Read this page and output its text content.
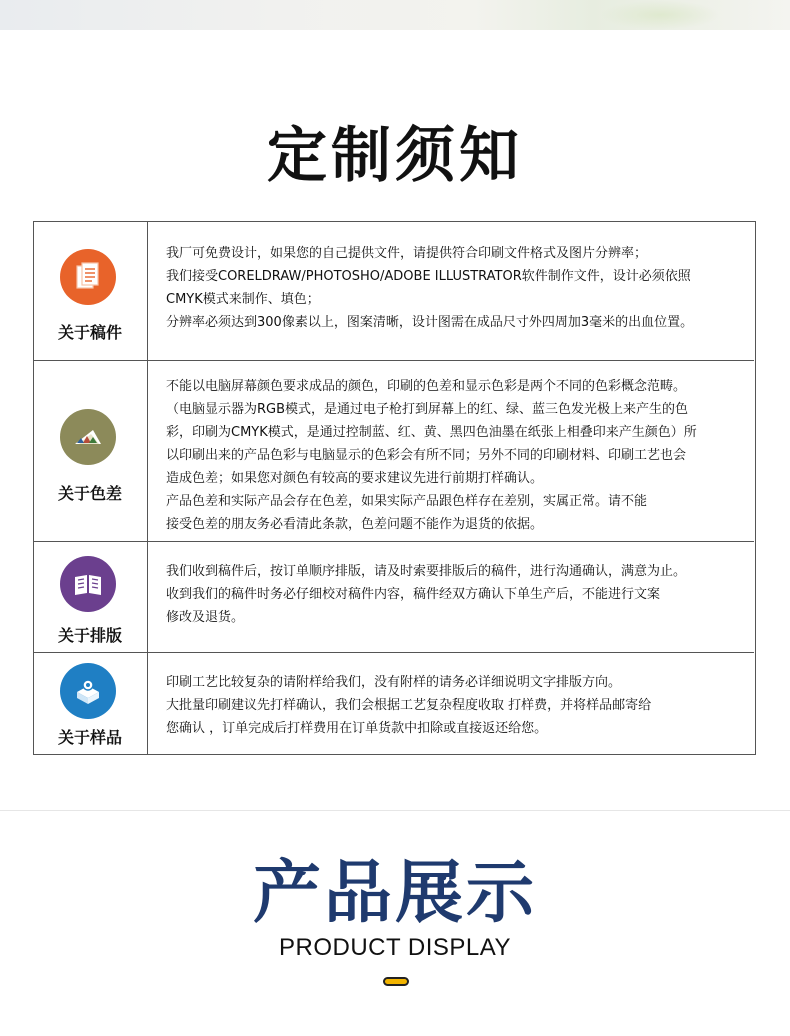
定制须知
关于稿件

我厂可免费设计，如果您的自己提供文件，请提供符合印刷文件格式及图片分辨率；

我们接受CORELDRAW/PHOTOSHO/ADOBE ILLUSTRATOR软件制作文件，设计必须依照

CMYK模式来制作、填色；

分辨率必须达到300像素以上，图案清晰，设计图需在成品尺寸外四周加3毫米的出血位置。

关于色差

不能以电脑屏幕颜色要求成品的颜色，印刷的色差和显示色彩是两个不同的色彩概念范畴。

（电脑显示器为RGB模式，是通过电子枪打到屏幕上的红、绿、蓝三色发光极上来产生的色

彩，印刷为CMYK模式，是通过控制蓝、红、黄、黑四色油墨在纸张上相叠印来产生颜色）所

以印刷出来的产品色彩与电脑显示的色彩会有所不同；另外不同的印刷材料、印刷工艺也会

造成色差；如果您对颜色有较高的要求建议先进行前期打样确认。

产品色差和实际产品会存在色差，如果实际产品跟色样存在差别，实属正常。请不能

接受色差的朋友务必看清此条款，色差问题不能作为退货的依据。

关于排版

我们收到稿件后，按订单顺序排版，请及时索要排版后的稿件，进行沟通确认，满意为止。

收到我们的稿件时务必仔细校对稿件内容，稿件经双方确认下单生产后，不能进行文案

修改及退货。

关于样品

印刷工艺比较复杂的请附样给我们，没有附样的请务必详细说明文字排版方向。

大批量印刷建议先打样确认，我们会根据工艺复杂程度收取 打样费，并将样品邮寄给

您确认 ，订单完成后打样费用在订单货款中扣除或直接返还给您。

产品展示
PRODUCT DISPLAY
